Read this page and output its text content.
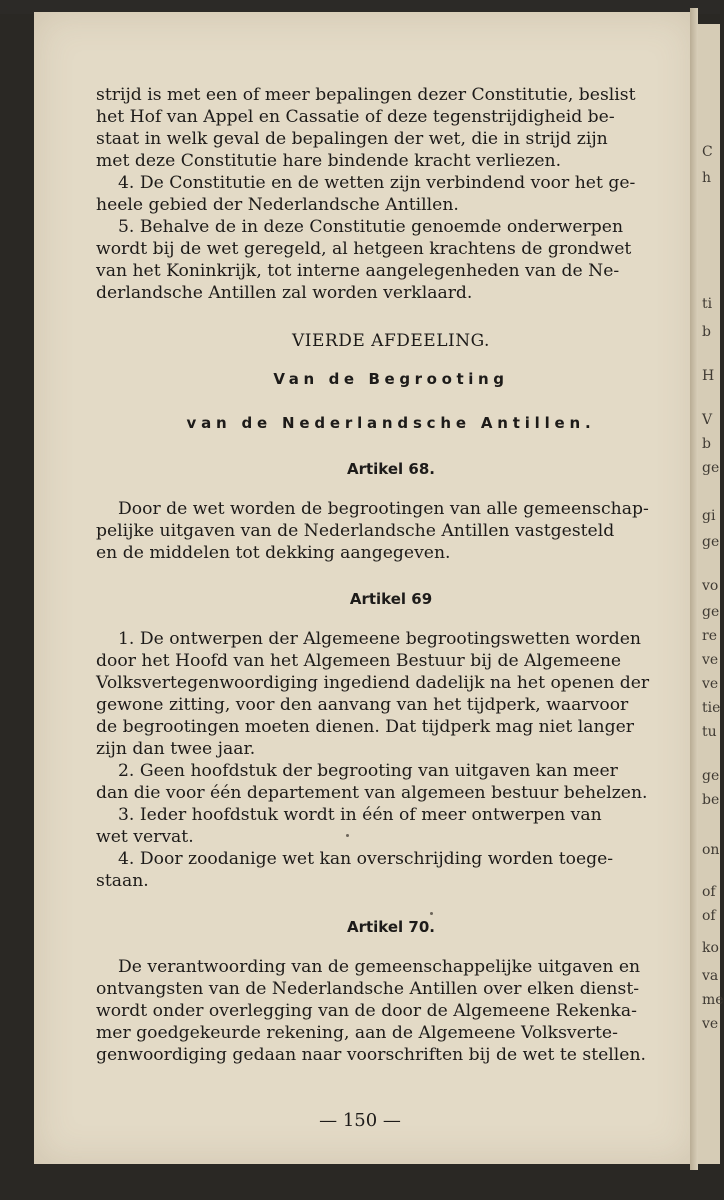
C
h
ti
b
H
V
b
ge
gi
ge
vo
ge
re
ve
ve
tie
tu
ge
be
on
of
of
ko
va
me
ve

strijd is met een of meer bepalingen dezer Constitutie, beslist

het Hof van Appel en Cassatie of deze tegenstrijdigheid be-

staat in welk geval de bepalingen der wet, die in strijd zijn

met deze Constitutie hare bindende kracht verliezen.

4. De Constitutie en de wetten zijn verbindend voor het ge-

heele gebied der Nederlandsche Antillen.

5. Behalve de in deze Constitutie genoemde onderwerpen

wordt bij de wet geregeld, al hetgeen krachtens de grondwet

van het Koninkrijk, tot interne aangelegenheden van de Ne-

derlandsche Antillen zal worden verklaard.

VIERDE AFDEELING.

Van de Begrooting

van de Nederlandsche Antillen.

Artikel 68.

Door de wet worden de begrootingen van alle gemeenschap-

pelijke uitgaven van de Nederlandsche Antillen vastgesteld

en de middelen tot dekking aangegeven.

Artikel 69

1. De ontwerpen der Algemeene begrootingswetten worden

door het Hoofd van het Algemeen Bestuur bij de Algemeene

Volksvertegenwoordiging ingediend dadelijk na het openen der

gewone zitting, voor den aanvang van het tijdperk, waarvoor

de begrootingen moeten dienen. Dat tijdperk mag niet langer

zijn dan twee jaar.

2. Geen hoofdstuk der begrooting van uitgaven kan meer

dan die voor één departement van algemeen bestuur behelzen.

3. Ieder hoofdstuk wordt in één of meer ontwerpen van

wet vervat.

4. Door zoodanige wet kan overschrijding worden toege-

staan.

Artikel 70.

De verantwoording van de gemeenschappelijke uitgaven en

ontvangsten van de Nederlandsche Antillen over elken dienst-

wordt onder overlegging van de door de Algemeene Rekenka-

mer goedgekeurde rekening, aan de Algemeene Volksverte-

genwoordiging gedaan naar voorschriften bij de wet te stellen.

— 150 —
